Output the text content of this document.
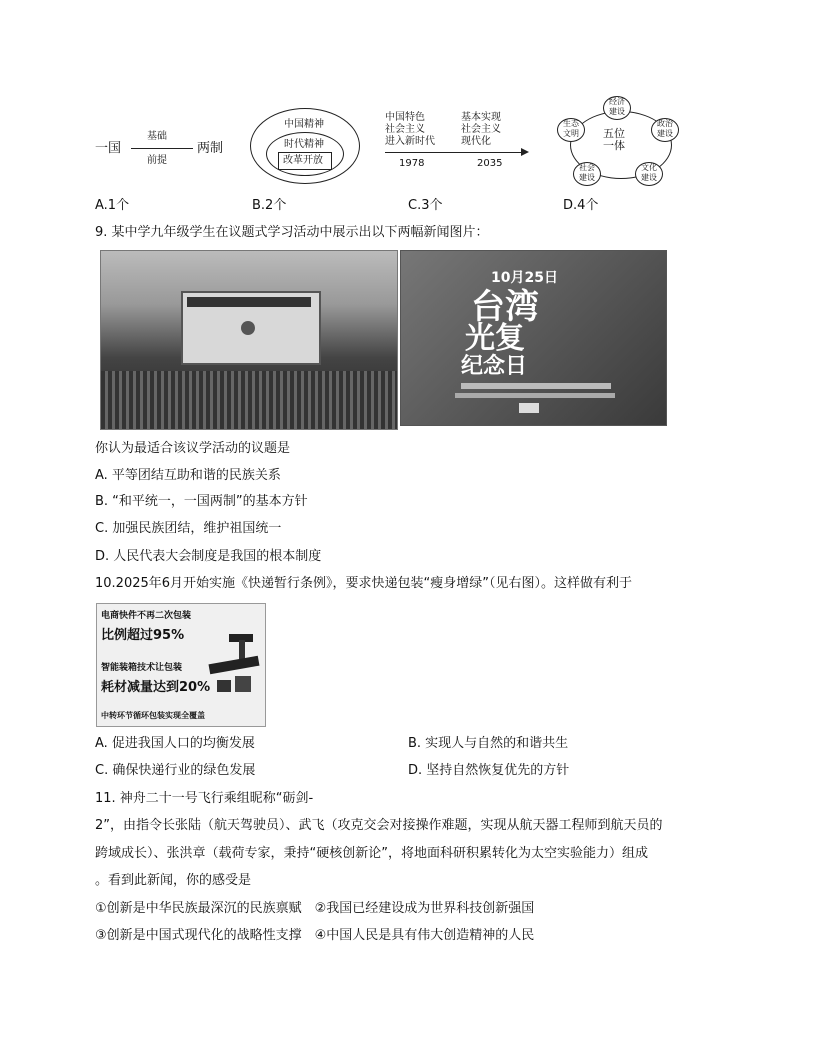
一国
基础
前提
两制
中国精神
时代精神
改革开放
中国特色
社会主义
进入新时代
基本实现
社会主义
现代化
1978	2035
五位
一体
经济
建设
政治
建设
文化
建设
社会
建设
生态
文明
A.1个	B.2个	C.3个	D.4个
9. 某中学九年级学生在议题式学习活动中展示出以下两幅新闻图片：
10月25日
台湾
光复
纪念日
你认为最适合该议学活动的议题是
A. 平等团结互助和谐的民族关系
B. “和平统一，一国两制”的基本方针
C. 加强民族团结，维护祖国统一
D. 人民代表大会制度是我国的根本制度
10.2025年6月开始实施《快递暂行条例》，要求快递包装“瘦身增绿”（见右图）。这样做有利于
电商快件不再二次包装
比例超过95%
智能装箱技术让包装
耗材减量达到20%
中转环节循环包装实现全覆盖
A. 促进我国人口的均衡发展	B. 实现人与自然的和谐共生
C. 确保快递行业的绿色发展	D. 坚持自然恢复优先的方针
11. 神舟二十一号飞行乘组昵称“砺剑-
2”，由指令长张陆（航天驾驶员）、武飞（攻克交会对接操作难题，实现从航天器工程师到航天员的
跨域成长）、张洪章（载荷专家，秉持“硬核创新论”，将地面科研积累转化为太空实验能力）组成
。看到此新闻，你的感受是
①创新是中华民族最深沉的民族禀赋　②我国已经建设成为世界科技创新强国
③创新是中国式现代化的战略性支撑　④中国人民是具有伟大创造精神的人民
